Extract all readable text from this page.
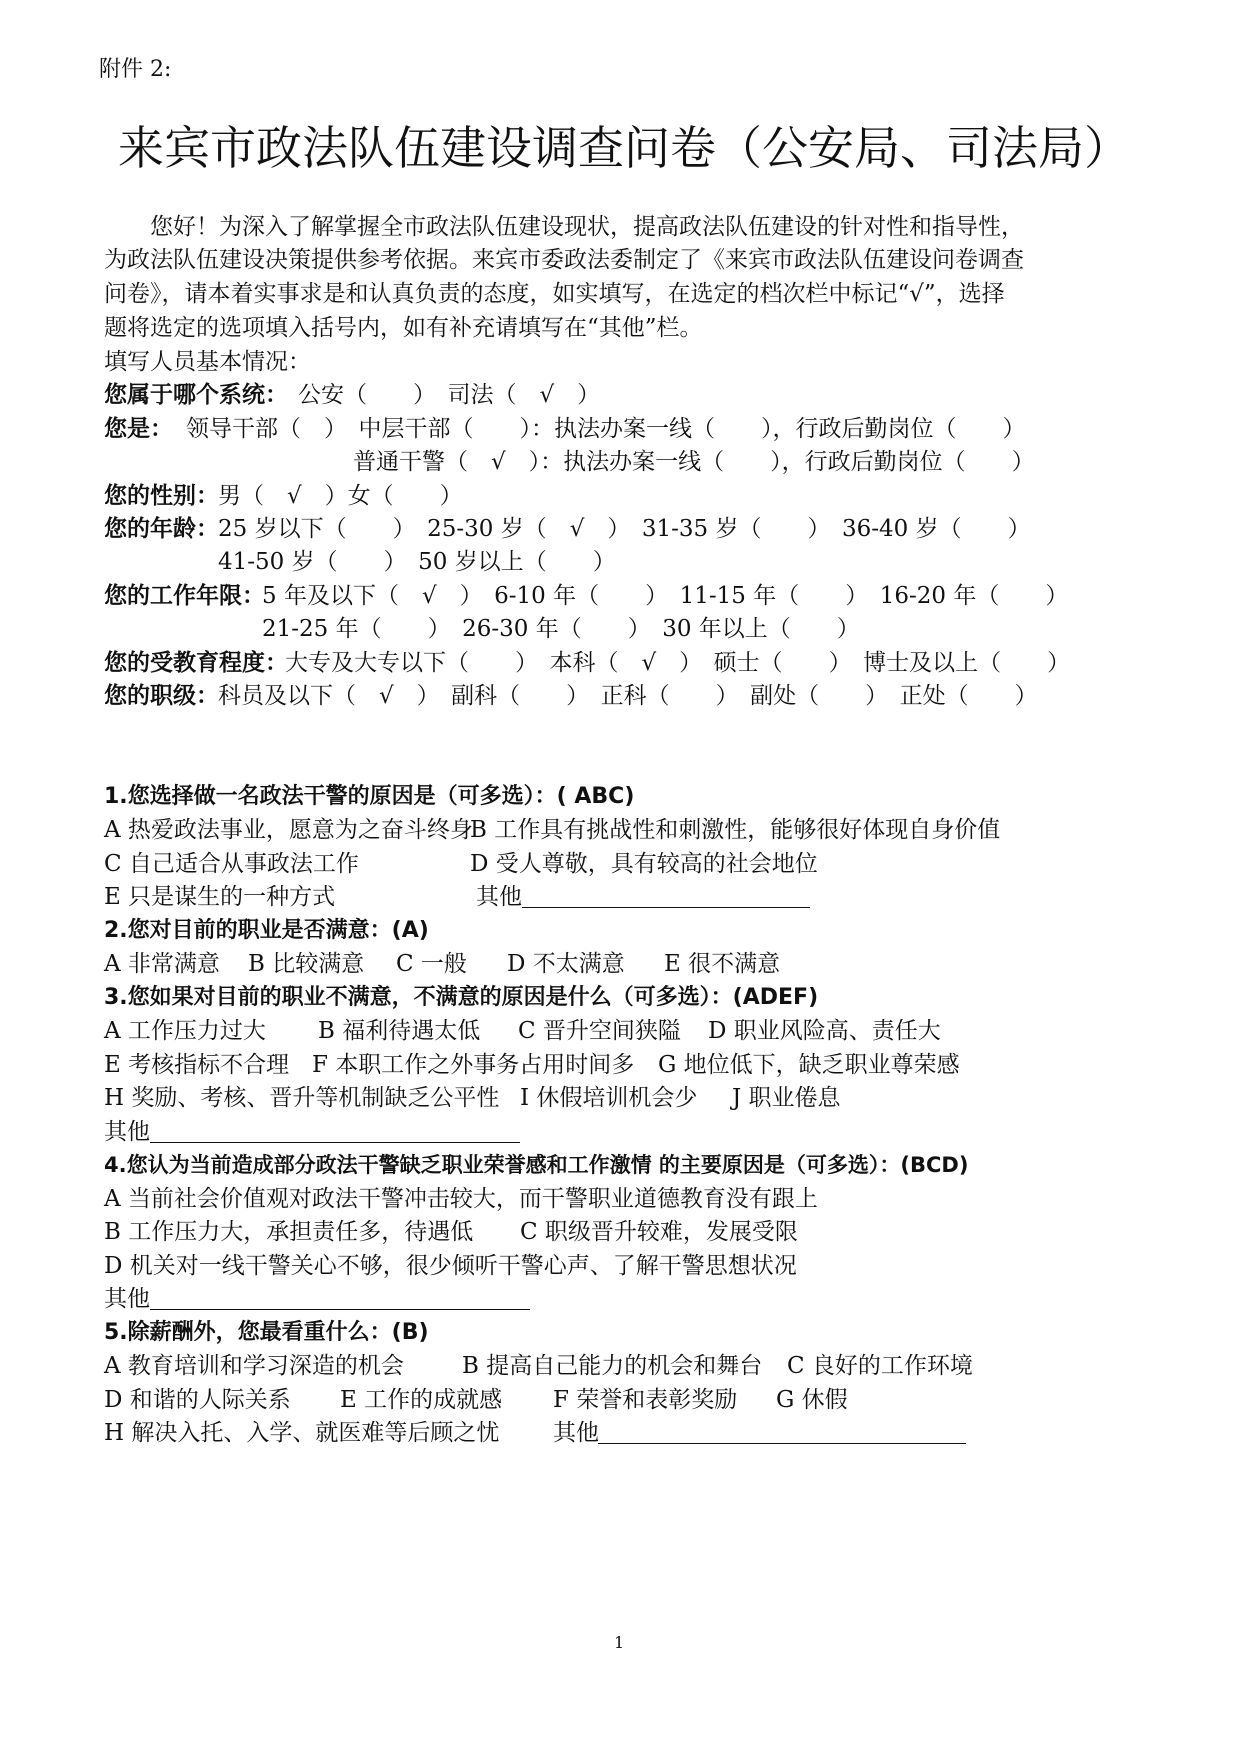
附件 2:
来宾市政法队伍建设调查问卷（公安局、司法局）
您好！为深入了解掌握全市政法队伍建设现状，提高政法队伍建设的针对性和指导性，
为政法队伍建设决策提供参考依据。来宾市委政法委制定了《来宾市政法队伍建设问卷调查
问卷》，请本着实事求是和认真负责的态度，如实填写，在选定的档次栏中标记“√”，选择
题将选定的选项填入括号内，如有补充请填写在“其他”栏。
填写人员基本情况：
您属于哪个系统： 公安（　　）　司法（　√　）
您是： 领导干部（　）　中层干部（　　）：执法办案一线（　　），行政后勤岗位（　　）
普通干警（　√　）：执法办案一线（　　），行政后勤岗位（　　）
您的性别： 男（　√　）女（　　）
您的年龄： 25 岁以下（　　）　25-30 岁（　√　）　31-35 岁（　　）　36-40 岁（　　）
41-50 岁（　　）　50 岁以上（　　）
您的工作年限：
5 年及以下（　√　）　6-10 年（　　）　11-15 年（　　）　16-20 年（　　）
21-25 年（　　）　26-30 年（　　）　30 年以上（　　）
您的受教育程度：
大专及大专以下（　　）　本科（　√　）　硕士（　　）　博士及以上（　　）
您的职级： 科员及以下（　√　）　副科（　　）　正科（　　）　副处（　　）　正处（　　）
1.您选择做一名政法干警的原因是（可多选）：( ABC)
A 热爱政法事业，愿意为之奋斗终身
B 工作具有挑战性和刺激性，能够很好体现自身价值
C 自己适合从事政法工作	D 受人尊敬，具有较高的社会地位
E 只是谋生的一种方式	其他
2.您对目前的职业是否满意：(A)
A 非常满意 B 比较满意 C 一般 D 不太满意 E 很不满意
3.您如果对目前的职业不满意，不满意的原因是什么（可多选）：(ADEF)
A 工作压力过大 B 福利待遇太低 C 晋升空间狭隘 D 职业风险高、责任大
E 考核指标不合理 F 本职工作之外事务占用时间多 G 地位低下，缺乏职业尊荣感
H 奖励、考核、晋升等机制缺乏公平性 I 休假培训机会少 J 职业倦息
其他
4.您认为当前造成部分政法干警缺乏职业荣誉感和工作激情 的主要原因是（可多选）：(BCD)
A 当前社会价值观对政法干警冲击较大，而干警职业道德教育没有跟上
B 工作压力大，承担责任多，待遇低 C 职级晋升较难，发展受限
D 机关对一线干警关心不够，很少倾听干警心声、了解干警思想状况
其他
5.除薪酬外，您最看重什么：(B)
A 教育培训和学习深造的机会	B 提高自己能力的机会和舞台 C 良好的工作环境
D 和谐的人际关系 E 工作的成就感 F 荣誉和表彰奖励 G 休假
H 解决入托、入学、就医难等后顾之忧 其他
1
